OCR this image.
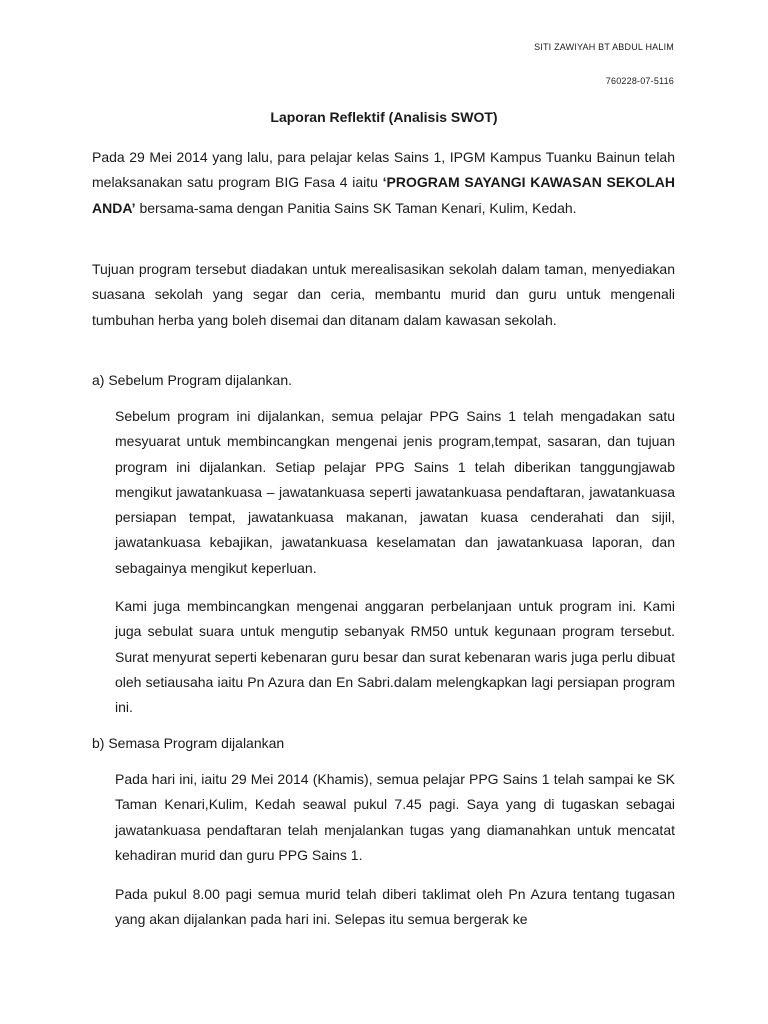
SITI ZAWIYAH BT ABDUL HALIM
760228-07-5116
Laporan Reflektif (Analisis SWOT)

Pada 29 Mei 2014 yang lalu, para pelajar kelas Sains 1, IPGM Kampus Tuanku Bainun telah melaksanakan satu program BIG Fasa 4 iaitu ‘PROGRAM SAYANGI KAWASAN SEKOLAH ANDA’ bersama-sama dengan Panitia Sains SK Taman Kenari, Kulim, Kedah.

Tujuan program tersebut diadakan untuk merealisasikan sekolah dalam taman, menyediakan suasana sekolah yang segar dan ceria, membantu murid dan guru untuk mengenali tumbuhan herba yang boleh disemai dan ditanam dalam kawasan sekolah.

a) Sebelum Program dijalankan.

Sebelum program ini dijalankan, semua pelajar PPG Sains 1 telah mengadakan satu mesyuarat untuk membincangkan mengenai jenis program,tempat, sasaran, dan tujuan program ini dijalankan. Setiap pelajar PPG Sains 1 telah diberikan tanggungjawab mengikut jawatankuasa – jawatankuasa seperti jawatankuasa pendaftaran, jawatankuasa persiapan tempat, jawatankuasa makanan, jawatan kuasa cenderahati dan sijil, jawatankuasa kebajikan, jawatankuasa keselamatan dan jawatankuasa laporan, dan sebagainya mengikut keperluan.

Kami juga membincangkan mengenai anggaran perbelanjaan untuk program ini. Kami juga sebulat suara untuk mengutip sebanyak RM50 untuk kegunaan program tersebut. Surat menyurat seperti kebenaran guru besar dan surat kebenaran waris juga perlu dibuat oleh setiausaha iaitu Pn Azura dan En Sabri.dalam melengkapkan lagi persiapan program ini.

b) Semasa Program dijalankan

Pada hari ini, iaitu 29 Mei 2014 (Khamis), semua pelajar PPG Sains 1 telah sampai ke SK Taman Kenari,Kulim, Kedah seawal pukul 7.45 pagi. Saya yang di tugaskan sebagai jawatankuasa pendaftaran telah menjalankan tugas yang diamanahkan untuk mencatat kehadiran murid dan guru PPG Sains 1.

Pada pukul 8.00 pagi semua murid telah diberi taklimat oleh Pn Azura tentang tugasan yang akan dijalankan pada hari ini. Selepas itu semua bergerak ke
